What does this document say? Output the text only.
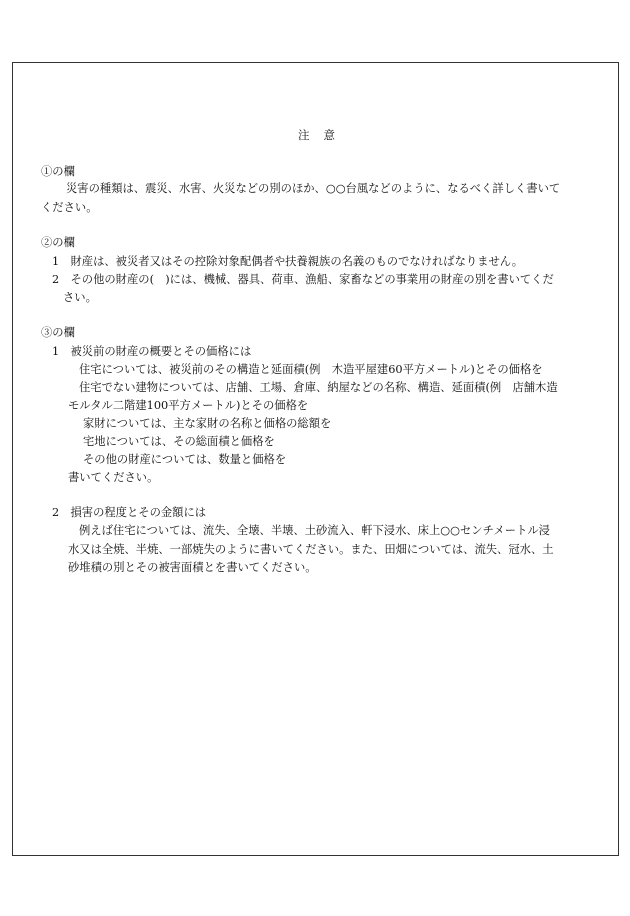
注意
①の欄
災害の種類は、震災、水害、火災などの別のほか、○○台風などのように、なるべく詳しく書いて
ください。
②の欄
1　財産は、被災者又はその控除対象配偶者や扶養親族の名義のものでなければなりません。
2　その他の財産の(　)には、機械、器具、荷車、漁船、家畜などの事業用の財産の別を書いてくだ
さい。
③の欄
1　被災前の財産の概要とその価格には
住宅については、被災前のその構造と延面積(例　木造平屋建60平方メートル)とその価格を
住宅でない建物については、店舗、工場、倉庫、納屋などの名称、構造、延面積(例　店舗木造
モルタル二階建100平方メートル)とその価格を
家財については、主な家財の名称と価格の総額を
宅地については、その総面積と価格を
その他の財産については、数量と価格を
書いてください。
2　損害の程度とその金額には
例えば住宅については、流失、全壊、半壊、土砂流入、軒下浸水、床上○○センチメートル浸
水又は全焼、半焼、一部焼失のように書いてください。また、田畑については、流失、冠水、土
砂堆積の別とその被害面積とを書いてください。
